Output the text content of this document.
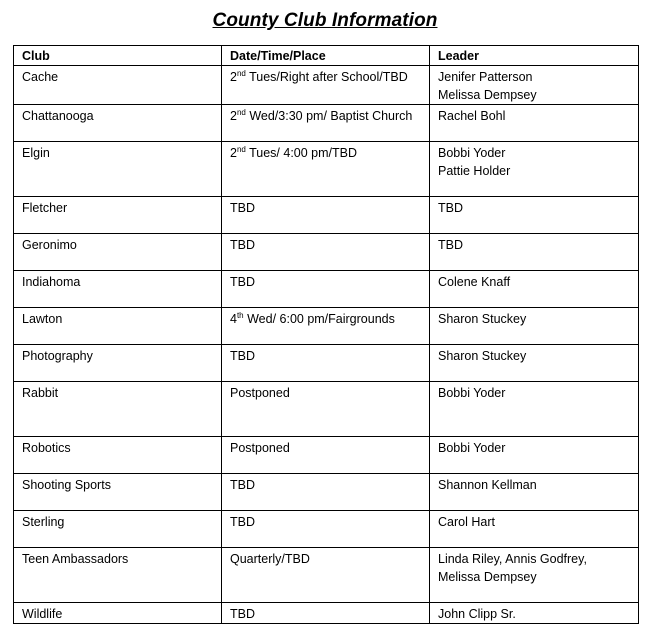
County Club Information
Club	Date/Time/Place	Leader
Cache	2nd Tues/Right after School/TBD	Jenifer Patterson
Melissa Dempsey

Chattanooga	2nd Wed/3:30 pm/ Baptist Church	Rachel Bohl

Elgin	2nd Tues/ 4:00 pm/TBD	Bobbi Yoder
Pattie Holder

Fletcher	TBD	TBD

Geronimo	TBD	TBD

Indiahoma	TBD	Colene Knaff

Lawton	4th Wed/ 6:00 pm/Fairgrounds	Sharon Stuckey

Photography	TBD	Sharon Stuckey

Rabbit	Postponed	Bobbi Yoder

Robotics	Postponed	Bobbi Yoder

Shooting Sports	TBD	Shannon Kellman

Sterling	TBD	Carol Hart

Teen Ambassadors	Quarterly/TBD	Linda Riley, Annis Godfrey,
Melissa Dempsey

Wildlife	TBD	John Clipp Sr.
